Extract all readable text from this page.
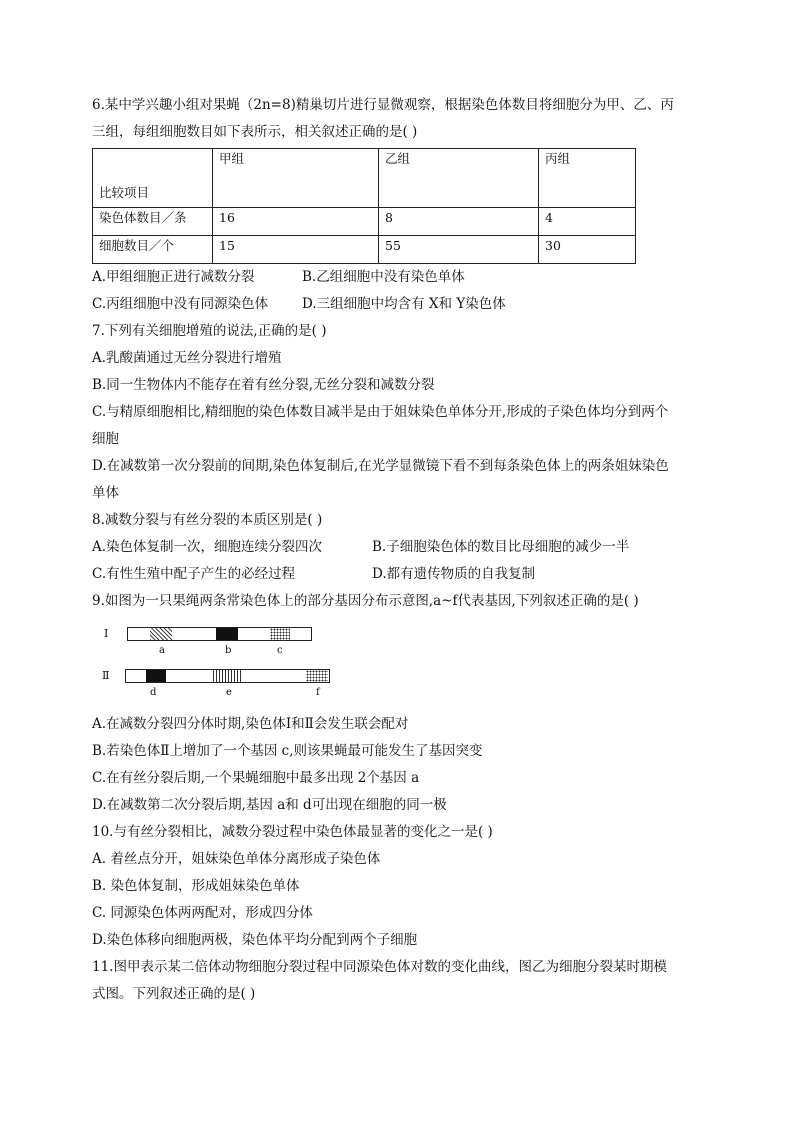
6.某中学兴趣小组对果蝇（2n=8)精巢切片进行显微观察，根据染色体数目将细胞分为甲、乙、丙
三组，每组细胞数目如下表所示，相关叙述正确的是( )
比较项目	甲组	乙组	丙组
染色体数目／条	16	8	4
细胞数目／个	15	55	30
A.甲组细胞正进行减数分裂	B.乙组细胞中没有染色单体
C.丙组细胞中没有同源染色体	D.三组细胞中均含有 X和 Y染色体
7.下列有关细胞增殖的说法,正确的是( )
A.乳酸菌通过无丝分裂进行增殖
B.同一生物体内不能存在着有丝分裂,无丝分裂和减数分裂
C.与精原细胞相比,精细胞的染色体数目减半是由于姐妹染色单体分开,形成的子染色体均分到两个
细胞
D.在减数第一次分裂前的间期,染色体复制后,在光学显微镜下看不到每条染色体上的两条姐妹染色
单体
8.减数分裂与有丝分裂的本质区别是( )
A.染色体复制一次，细胞连续分裂四次	B.子细胞染色体的数目比母细胞的减少一半
C.有性生殖中配子产生的必经过程	D.都有遗传物质的自我复制
9.如图为一只果绳两条常染色体上的部分基因分布示意图,a~f代表基因,下列叙述正确的是( )
Ⅰ
a	b	c
Ⅱ
d	e	f
A.在减数分裂四分体时期,染色体Ⅰ和Ⅱ会发生联会配对
B.若染色体Ⅱ上增加了一个基因 c,则该果蝇最可能发生了基因突变
C.在有丝分裂后期,一个果蝇细胞中最多出现 2个基因 a
D.在减数第二次分裂后期,基因 a和 d可出现在细胞的同一极
10.与有丝分裂相比，减数分裂过程中染色体最显著的变化之一是( )
A. 着丝点分开，姐妹染色单体分离形成子染色体
B. 染色体复制，形成姐妹染色单体
C. 同源染色体两两配对，形成四分体
D.染色体移向细胞两极，染色体平均分配到两个子细胞
11.图甲表示某二倍体动物细胞分裂过程中同源染色体对数的变化曲线，图乙为细胞分裂某时期模
式图。下列叙述正确的是( )
